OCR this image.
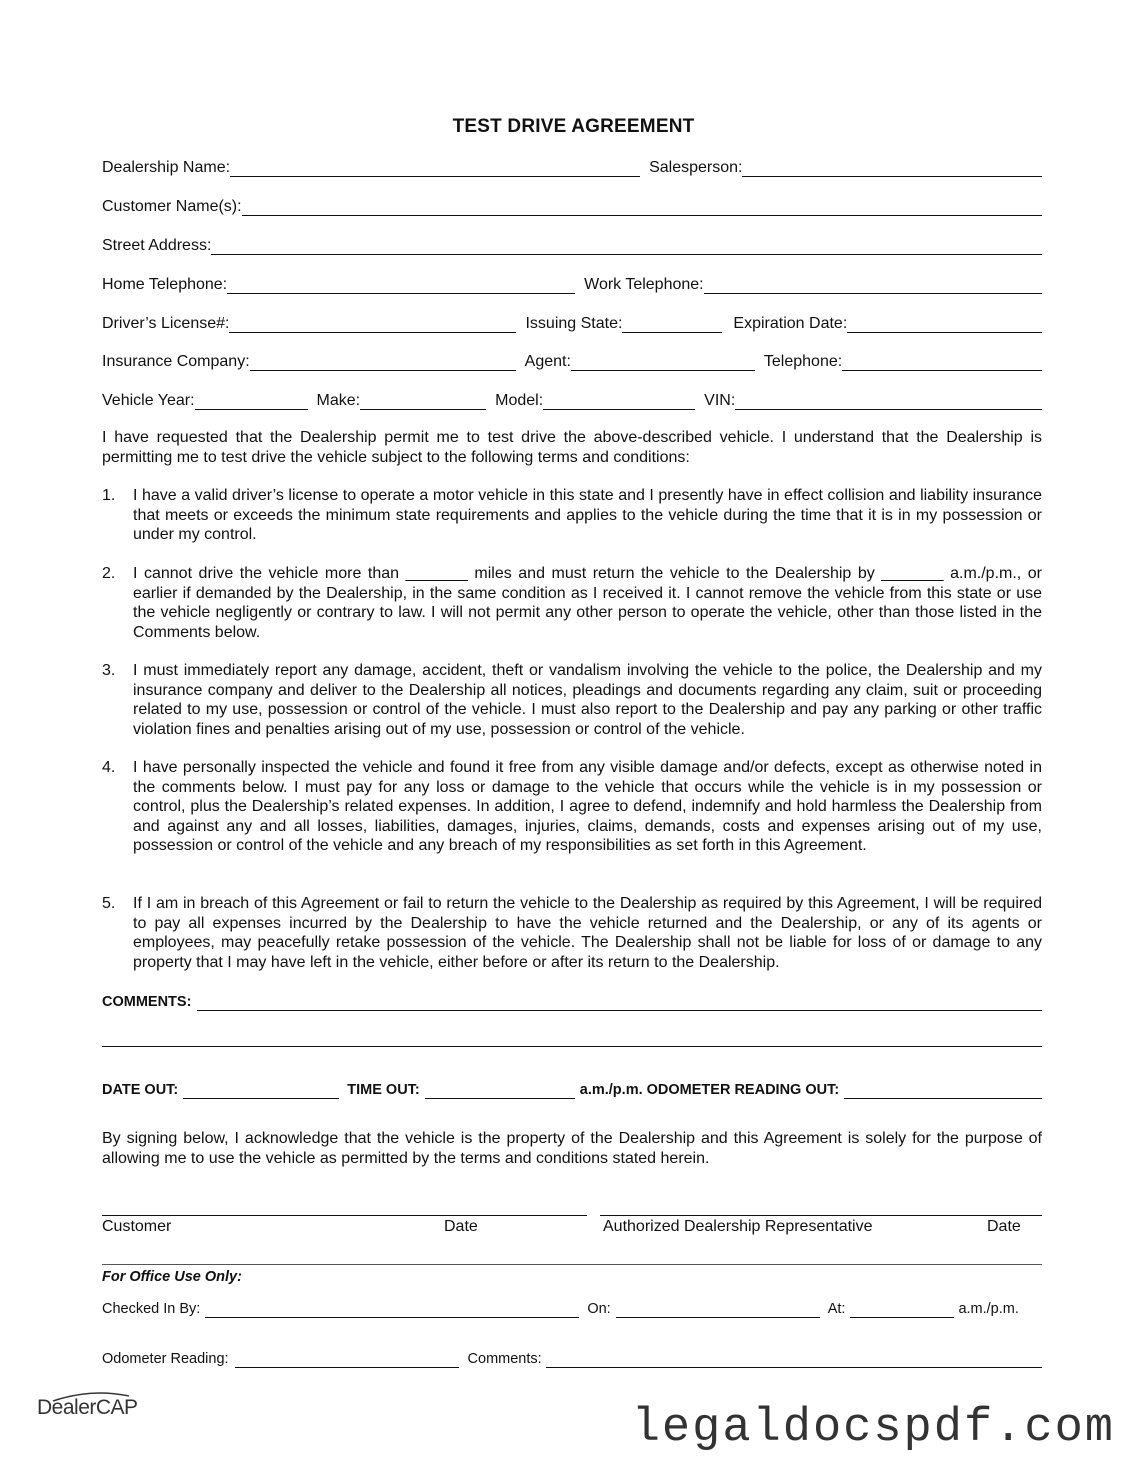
TEST DRIVE AGREEMENT
Dealership Name:	Salesperson:
Customer Name(s):
Street Address:
Home Telephone:	Work Telephone:
Driver’s License#:	Issuing State:	Expiration Date:
Insurance Company:	Agent:	Telephone:
Vehicle Year:	Make:	Model:	VIN:
I have requested that the Dealership permit me to test drive the above-described vehicle. I understand that the Dealership is permitting me to test drive the vehicle subject to the following terms and conditions:
1. I have a valid driver’s license to operate a motor vehicle in this state and I presently have in effect collision and liability insurance that meets or exceeds the minimum state requirements and applies to the vehicle during the time that it is in my possession or under my control.
2. I cannot drive the vehicle more than _______ miles and must return the vehicle to the Dealership by _______ a.m./p.m., or earlier if demanded by the Dealership, in the same condition as I received it. I cannot remove the vehicle from this state or use the vehicle negligently or contrary to law. I will not permit any other person to operate the vehicle, other than those listed in the Comments below.
3. I must immediately report any damage, accident, theft or vandalism involving the vehicle to the police, the Dealership and my insurance company and deliver to the Dealership all notices, pleadings and documents regarding any claim, suit or proceeding related to my use, possession or control of the vehicle. I must also report to the Dealership and pay any parking or other traffic violation fines and penalties arising out of my use, possession or control of the vehicle.
4. I have personally inspected the vehicle and found it free from any visible damage and/or defects, except as otherwise noted in the comments below. I must pay for any loss or damage to the vehicle that occurs while the vehicle is in my possession or control, plus the Dealership’s related expenses. In addition, I agree to defend, indemnify and hold harmless the Dealership from and against any and all losses, liabilities, damages, injuries, claims, demands, costs and expenses arising out of my use, possession or control of the vehicle and any breach of my responsibilities as set forth in this Agreement.
5. If I am in breach of this Agreement or fail to return the vehicle to the Dealership as required by this Agreement, I will be required to pay all expenses incurred by the Dealership to have the vehicle returned and the Dealership, or any of its agents or employees, may peacefully retake possession of the vehicle. The Dealership shall not be liable for loss of or damage to any property that I may have left in the vehicle, either before or after its return to the Dealership.
COMMENTS:
DATE OUT:	TIME OUT:	a.m./p.m. ODOMETER READING OUT:
By signing below, I acknowledge that the vehicle is the property of the Dealership and this Agreement is solely for the purpose of allowing me to use the vehicle as permitted by the terms and conditions stated herein.
Customer	Date	Authorized Dealership Representative	Date
For Office Use Only:
Checked In By:	On:	At:	a.m./p.m.
Odometer Reading:	Comments:
DealerCAP	legaldocspdf.com
